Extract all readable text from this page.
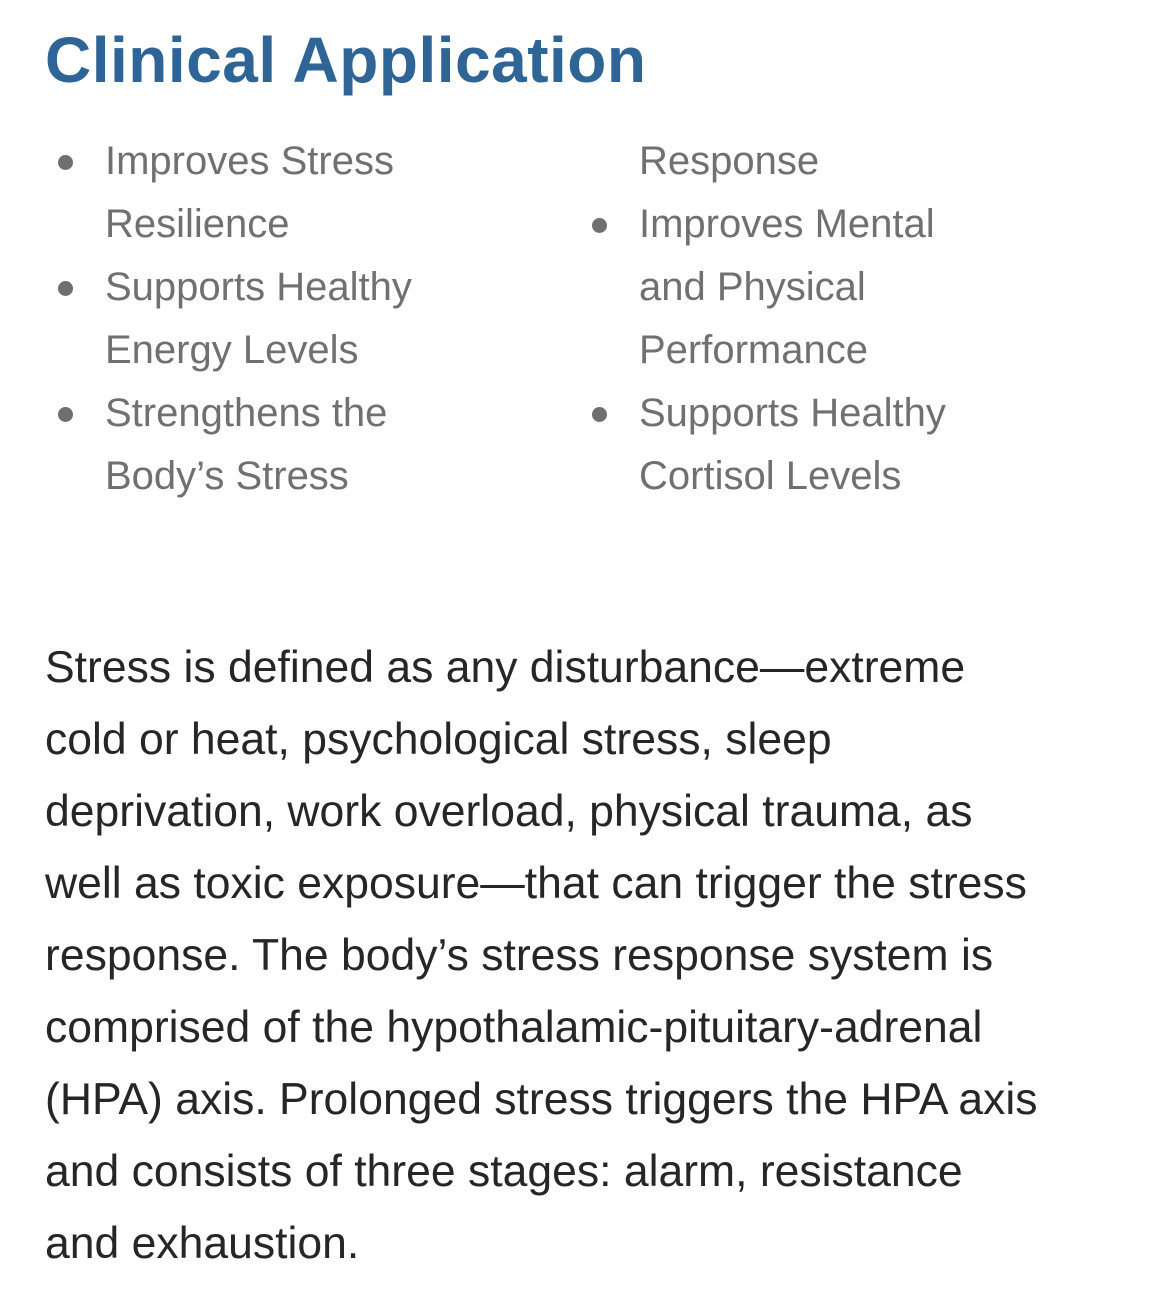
Clinical Application
Improves Stress
Resilience
Supports Healthy
Energy Levels
Strengthens the
Body’s Stress
Response
Improves Mental
and Physical
Performance
Supports Healthy
Cortisol Levels

Stress is defined as any disturbance—extreme
cold or heat, psychological stress, sleep
deprivation, work overload, physical trauma, as
well as toxic exposure—that can trigger the stress
response. The body’s stress response system is
comprised of the hypothalamic-pituitary-adrenal
(HPA) axis. Prolonged stress triggers the HPA axis
and consists of three stages: alarm, resistance
and exhaustion.
